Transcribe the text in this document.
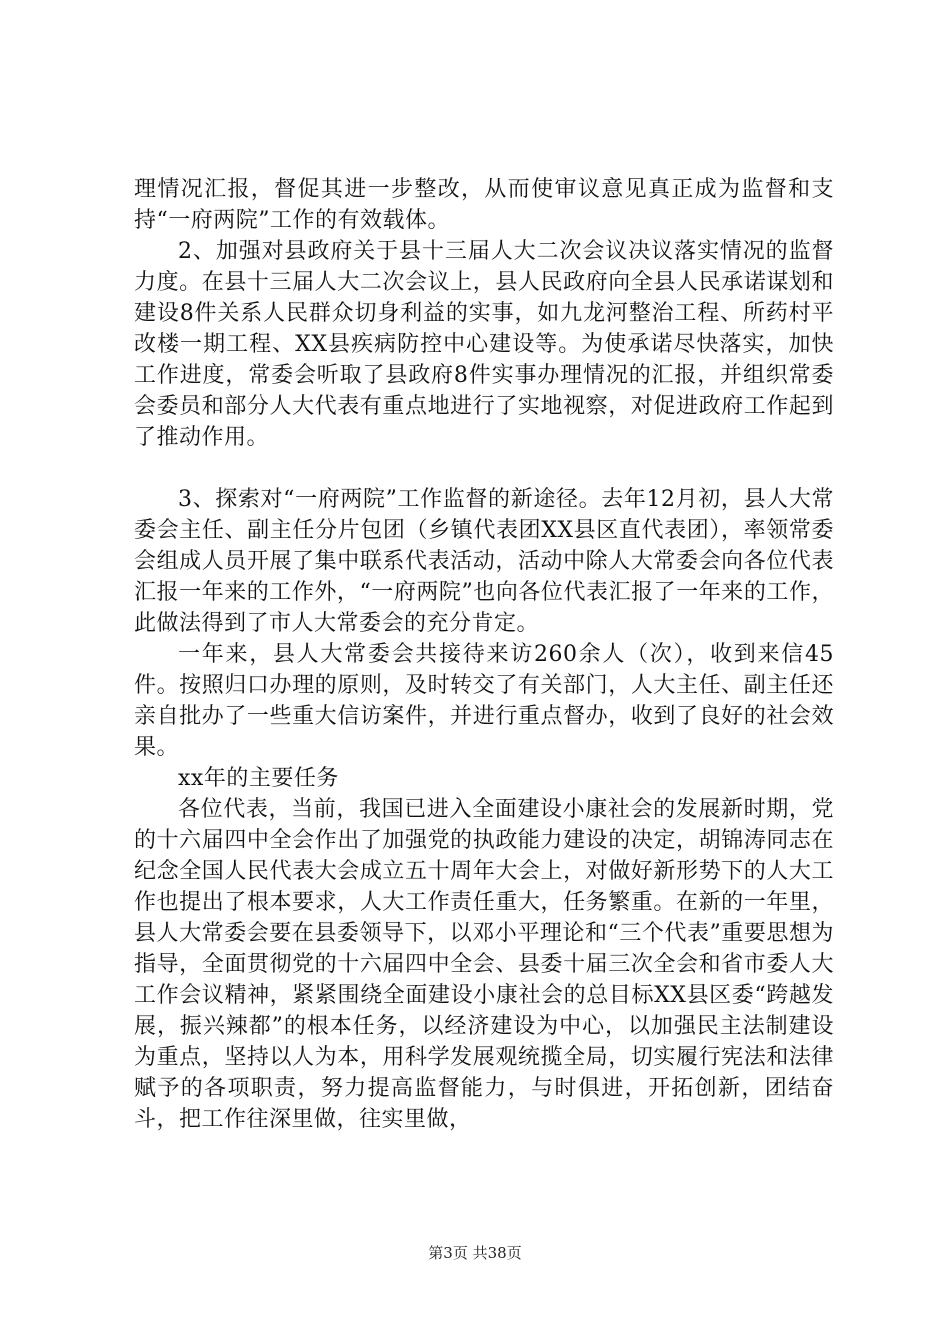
理情况汇报，督促其进一步整改，从而使审议意见真正成为监督和支持“一府两院”工作的有效载体。

2、加强对县政府关于县十三届人大二次会议决议落实情况的监督力度。在县十三届人大二次会议上，县人民政府向全县人民承诺谋划和建设8件关系人民群众切身利益的实事，如九龙河整治工程、所药村平改楼一期工程、XX县疾病防控中心建设等。为使承诺尽快落实，加快工作进度，常委会听取了县政府8件实事办理情况的汇报，并组织常委会委员和部分人大代表有重点地进行了实地视察，对促进政府工作起到了推动作用。

3、探索对“一府两院”工作监督的新途径。去年12月初，县人大常委会主任、副主任分片包团（乡镇代表团XX县区直代表团），率领常委会组成人员开展了集中联系代表活动，活动中除人大常委会向各位代表汇报一年来的工作外，“一府两院”也向各位代表汇报了一年来的工作，此做法得到了市人大常委会的充分肯定。

一年来，县人大常委会共接待来访260余人（次），收到来信45件。按照归口办理的原则，及时转交了有关部门，人大主任、副主任还亲自批办了一些重大信访案件，并进行重点督办，收到了良好的社会效果。

xx年的主要任务

各位代表，当前，我国已进入全面建设小康社会的发展新时期，党的十六届四中全会作出了加强党的执政能力建设的决定，胡锦涛同志在纪念全国人民代表大会成立五十周年大会上，对做好新形势下的人大工作也提出了根本要求，人大工作责任重大，任务繁重。在新的一年里，县人大常委会要在县委领导下，以邓小平理论和“三个代表”重要思想为指导，全面贯彻党的十六届四中全会、县委十届三次全会和省市委人大工作会议精神，紧紧围绕全面建设小康社会的总目标XX县区委“跨越发展，振兴辣都”的根本任务，以经济建设为中心，以加强民主法制建设为重点，坚持以人为本，用科学发展观统揽全局，切实履行宪法和法律赋予的各项职责，努力提高监督能力，与时俱进，开拓创新，团结奋斗，把工作往深里做，往实里做，

第3页 共38页
